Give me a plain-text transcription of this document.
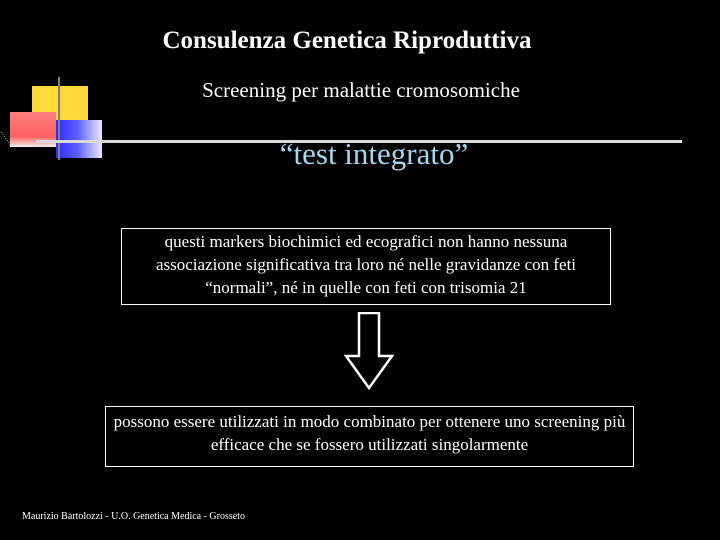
Consulenza Genetica Riproduttiva
Screening per malattie cromosomiche
“test integrato”
questi markers biochimici ed ecografici non hanno nessuna associazione significativa tra loro né nelle gravidanze con feti “normali”, né in quelle con feti con trisomia 21
possono essere utilizzati in modo combinato per ottenere uno screening più efficace che se fossero utilizzati singolarmente
Maurizio Bartolozzi - U.O. Genetica Medica - Grosseto
